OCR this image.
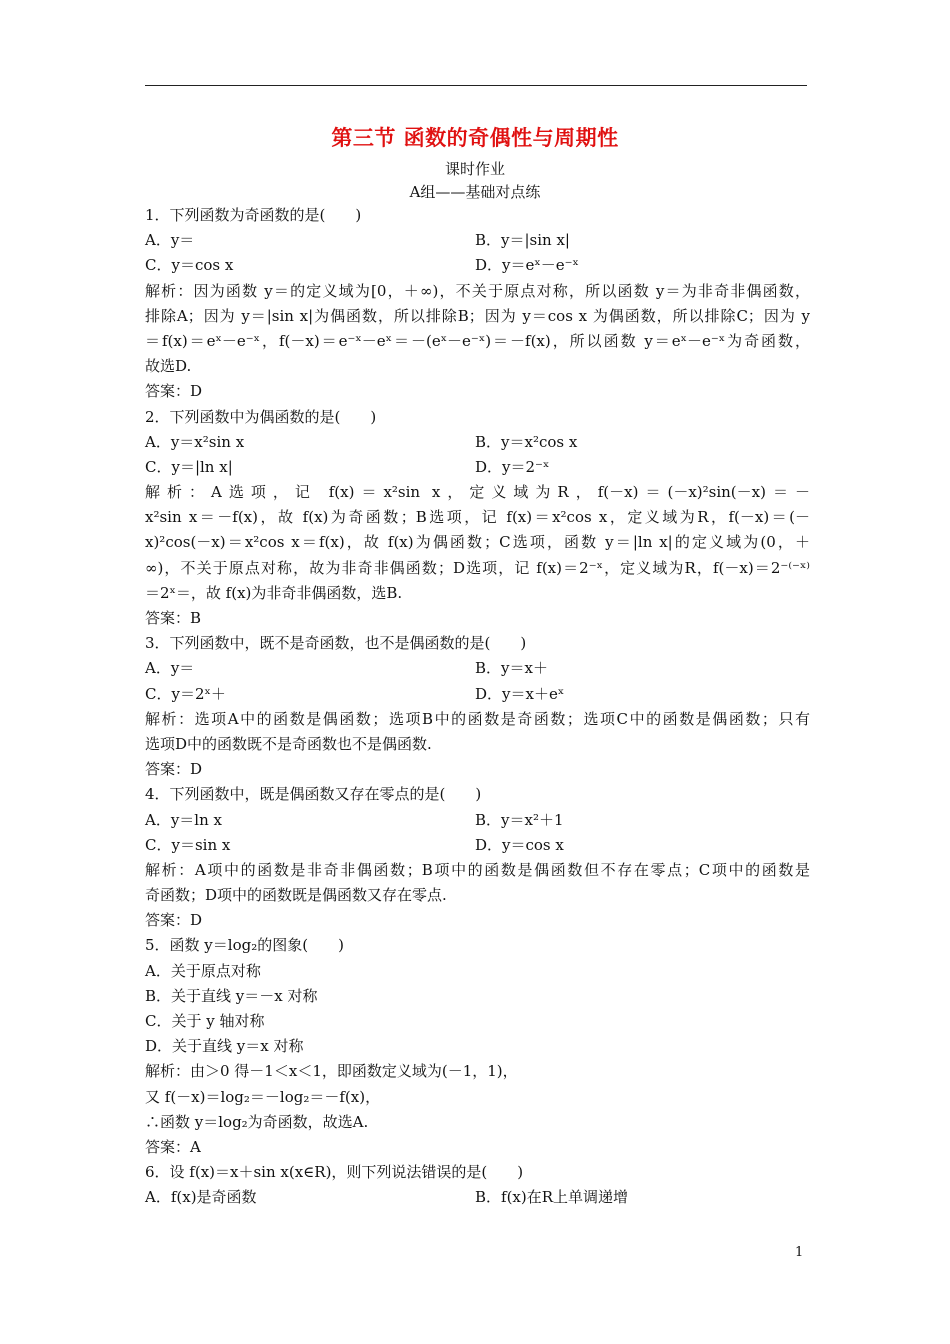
第三节 函数的奇偶性与周期性
课时作业
A组——基础对点练
1．下列函数为奇函数的是(　　)
A．y＝	B．y＝|sin x|
C．y＝cos x	D．y＝eˣ－e⁻ˣ
解析：因为函数 y＝的定义域为[0，＋∞)，不关于原点对称，所以函数 y＝为非奇非偶函数，
排除A；因为 y＝|sin x|为偶函数，所以排除B；因为 y＝cos x 为偶函数，所以排除C；因为 y
＝f(x)＝eˣ－e⁻ˣ，f(－x)＝e⁻ˣ－eˣ＝－(eˣ－e⁻ˣ)＝－f(x)，所以函数 y＝eˣ－e⁻ˣ为奇函数，
故选D.
答案：D
2．下列函数中为偶函数的是(　　)
A．y＝x²sin x	B．y＝x²cos x
C．y＝|ln x|	D．y＝2⁻ˣ
解析：A选项，记 f(x)＝x²sin x，定义域为R，f(－x)＝(－x)²sin(－x)＝－
x²sin x＝－f(x)，故 f(x)为奇函数；B选项，记 f(x)＝x²cos x，定义域为R，f(－x)＝(－
x)²cos(－x)＝x²cos x＝f(x)，故 f(x)为偶函数；C选项，函数 y＝|ln x|的定义域为(0，＋
∞)，不关于原点对称，故为非奇非偶函数；D选项，记 f(x)＝2⁻ˣ，定义域为R，f(－x)＝2⁻⁽⁻ˣ⁾
＝2ˣ＝，故 f(x)为非奇非偶函数，选B.
答案：B
3．下列函数中，既不是奇函数，也不是偶函数的是(　　)
A．y＝	B．y＝x＋
C．y＝2ˣ＋	D．y＝x＋eˣ
解析：选项A中的函数是偶函数；选项B中的函数是奇函数；选项C中的函数是偶函数；只有
选项D中的函数既不是奇函数也不是偶函数.
答案：D
4．下列函数中，既是偶函数又存在零点的是(　　)
A．y＝ln x	B．y＝x²＋1
C．y＝sin x	D．y＝cos x
解析：A项中的函数是非奇非偶函数；B项中的函数是偶函数但不存在零点；C项中的函数是
奇函数；D项中的函数既是偶函数又存在零点.
答案：D
5．函数 y＝log₂的图象(　　)
A．关于原点对称
B．关于直线 y＝－x 对称
C．关于 y 轴对称
D．关于直线 y＝x 对称
解析：由＞0 得－1＜x＜1，即函数定义域为(－1，1)，
又 f(－x)＝log₂＝－log₂＝－f(x)，
∴函数 y＝log₂为奇函数，故选A.
答案：A
6．设 f(x)＝x＋sin x(x∈R)，则下列说法错误的是(　　)
A．f(x)是奇函数	B．f(x)在R上单调递增
1
